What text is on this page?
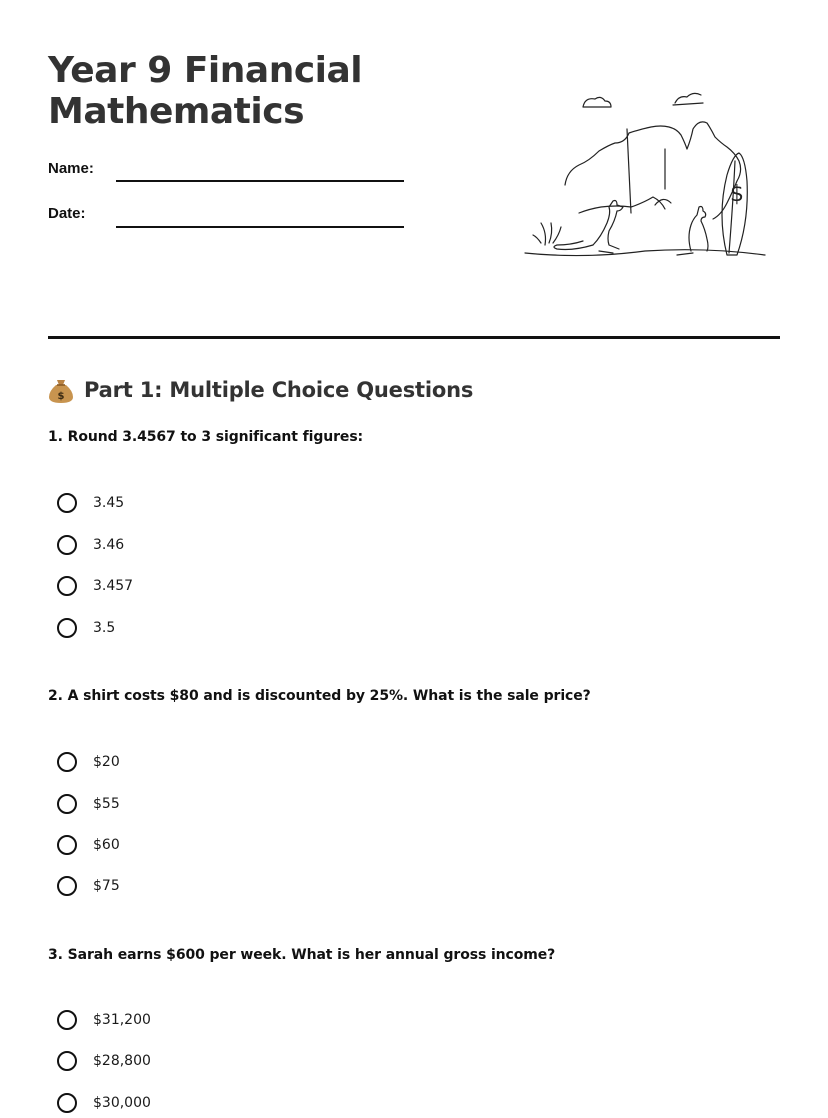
Year 9 Financial
Mathematics
Name:
Date:
$
$ Part 1: Multiple Choice Questions
1. Round 3.4567 to 3 significant figures:
3.45
3.46
3.457
3.5
2. A shirt costs $80 and is discounted by 25%. What is the sale price?
$20
$55
$60
$75
3. Sarah earns $600 per week. What is her annual gross income?
$31,200
$28,800
$30,000
